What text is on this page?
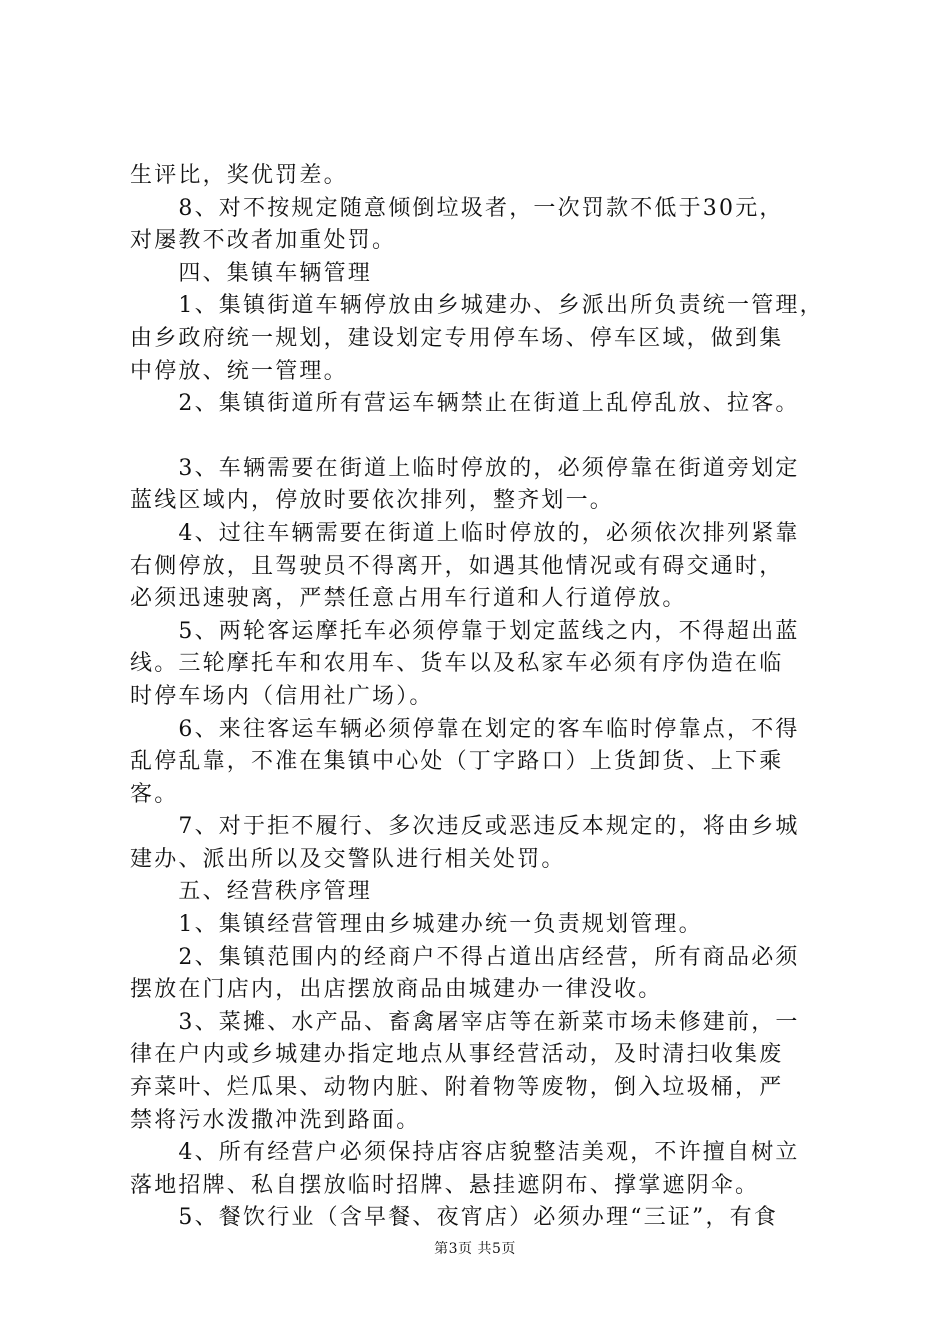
生评比，奖优罚差。
　　8、对不按规定随意倾倒垃圾者，一次罚款不低于30元，
对屡教不改者加重处罚。
　　四、集镇车辆管理
　　1、集镇街道车辆停放由乡城建办、乡派出所负责统一管理，
由乡政府统一规划，建设划定专用停车场、停车区域，做到集
中停放、统一管理。
　　2、集镇街道所有营运车辆禁止在街道上乱停乱放、拉客。
　　3、车辆需要在街道上临时停放的，必须停靠在街道旁划定
蓝线区域内，停放时要依次排列，整齐划一。
　　4、过往车辆需要在街道上临时停放的，必须依次排列紧靠
右侧停放，且驾驶员不得离开，如遇其他情况或有碍交通时，
必须迅速驶离，严禁任意占用车行道和人行道停放。
　　5、两轮客运摩托车必须停靠于划定蓝线之内，不得超出蓝
线。三轮摩托车和农用车、货车以及私家车必须有序伪造在临
时停车场内（信用社广场）。
　　6、来往客运车辆必须停靠在划定的客车临时停靠点，不得
乱停乱靠，不准在集镇中心处（丁字路口）上货卸货、上下乘
客。
　　7、对于拒不履行、多次违反或恶违反本规定的，将由乡城
建办、派出所以及交警队进行相关处罚。
　　五、经营秩序管理
　　1、集镇经营管理由乡城建办统一负责规划管理。
　　2、集镇范围内的经商户不得占道出店经营，所有商品必须
摆放在门店内，出店摆放商品由城建办一律没收。
　　3、菜摊、水产品、畜禽屠宰店等在新菜市场未修建前，一
律在户内或乡城建办指定地点从事经营活动，及时清扫收集废
弃菜叶、烂瓜果、动物内脏、附着物等废物，倒入垃圾桶，严
禁将污水泼撒冲洗到路面。
　　4、所有经营户必须保持店容店貌整洁美观，不许擅自树立
落地招牌、私自摆放临时招牌、悬挂遮阴布、撑掌遮阴伞。
　　5、餐饮行业（含早餐、夜宵店）必须办理“三证”，有食
第3页 共5页
